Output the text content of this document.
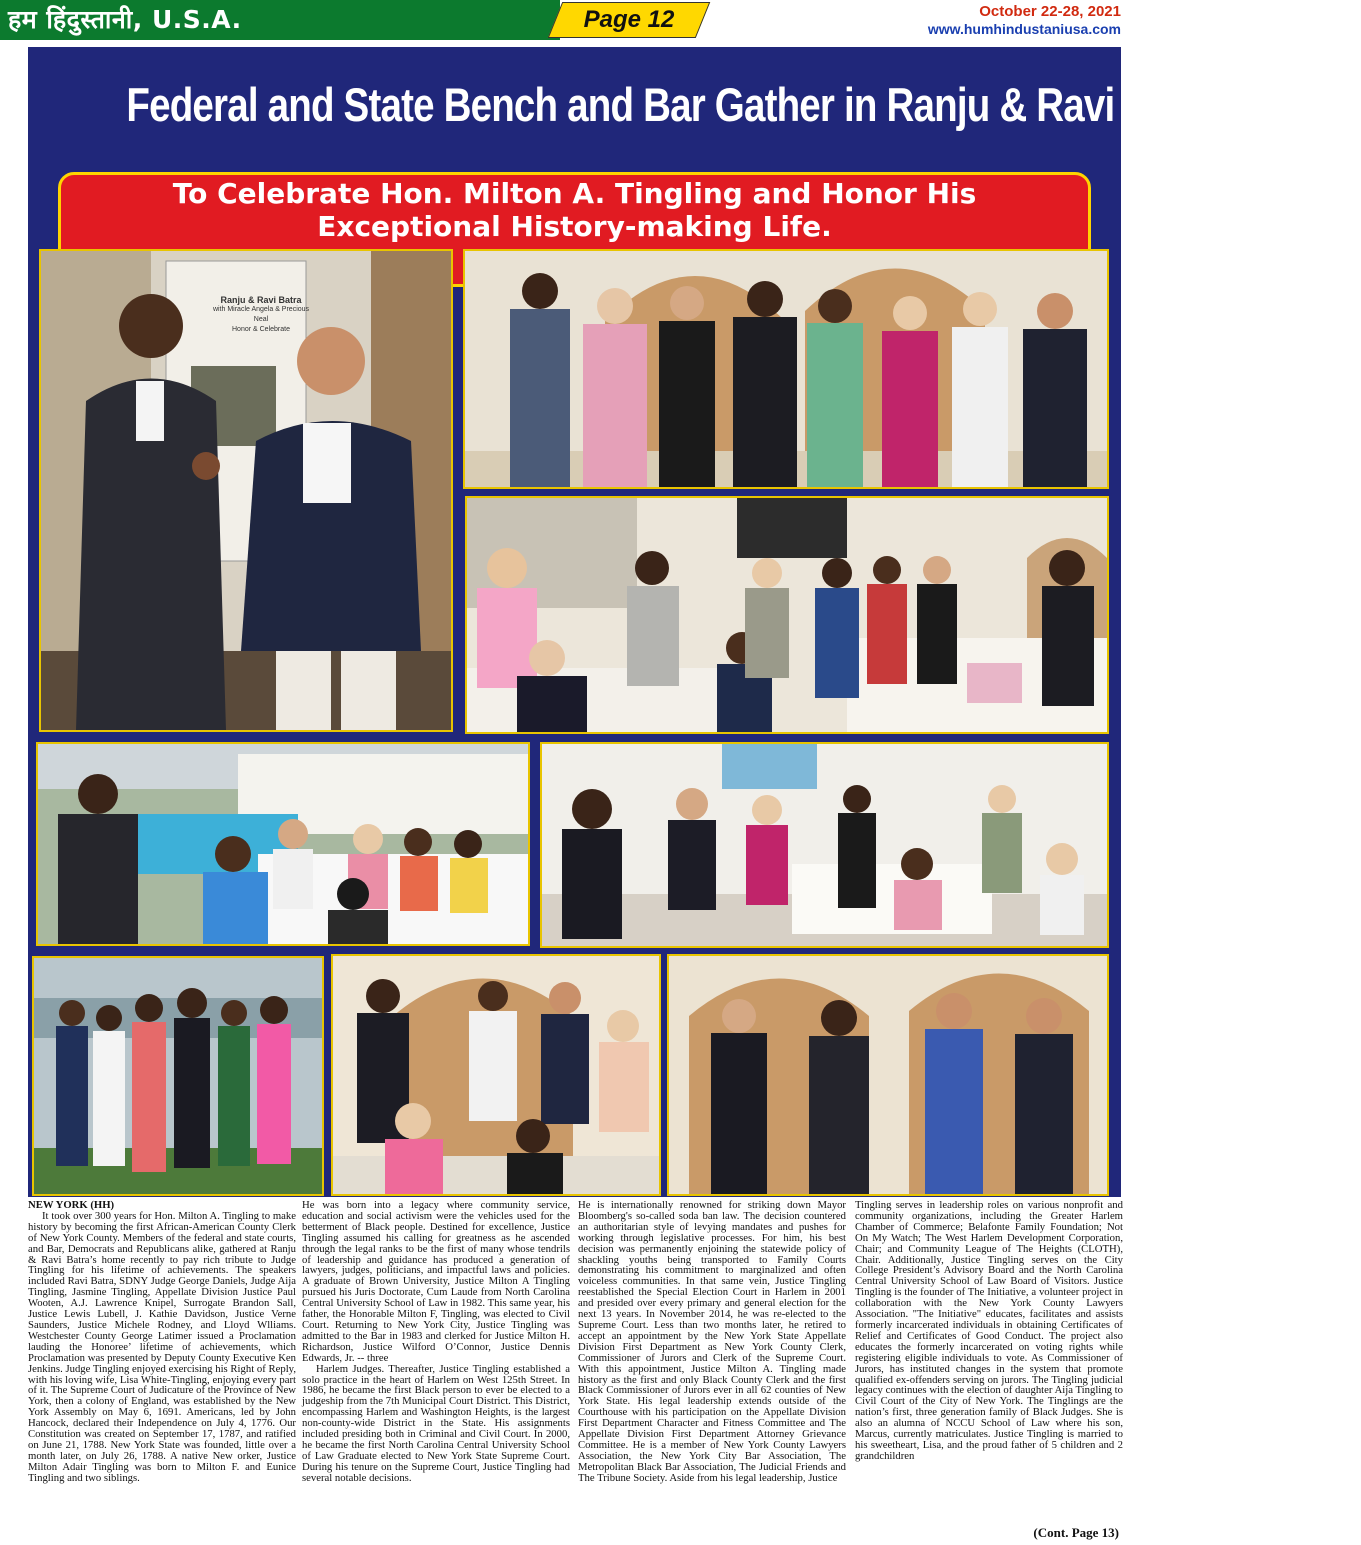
हम हिंदुस्तानी, U.S.A.	Page 12	October 22-28, 2021
www.humhindustaniusa.com
Federal and State Bench and Bar Gather in Ranju & Ravi Batra’s Home
To Celebrate Hon. Milton A. Tingling and Honor His
Exceptional History-making Life.
Ranju & Ravi Batra
with Miracle Angela & Precious Neal
Honor & Celebrate

NEW YORK (HH)

It took over 300 years for Hon. Milton A. Tingling to make history by becoming the first African-American County Clerk of New York County. Members of the federal and state courts, and Bar, Democrats and Republicans alike, gathered at Ranju & Ravi Batra’s home recently to pay rich tribute to Judge Tingling for his lifetime of achievements. The speakers included Ravi Batra, SDNY Judge George Daniels, Judge Aija Tingling, Jasmine Tingling, Appellate Division Justice Paul Wooten, A.J. Lawrence Knipel, Surrogate Brandon Sall, Justice Lewis Lubell, J. Kathie Davidson, Justice Verne Saunders, Justice Michele Rodney, and Lloyd Wlliams. Westchester County George Latimer issued a Proclamation lauding the Honoree’ lifetime of achievements, which Proclamation was presented by Deputy County Executive Ken Jenkins. Judge Tingling enjoyed exercising his Right of Reply, with his loving wife, Lisa White-Tingling, enjoying every part of it. The Supreme Court of Judicature of the Province of New York, then a colony of England, was established by the New York Assembly on May 6, 1691. Americans, led by John Hancock, declared their Independence on July 4, 1776. Our Constitution was created on September 17, 1787, and ratified on June 21, 1788. New York State was founded, little over a month later, on July 26, 1788. A native New orker, Justice Milton Adair Tingling was born to Milton F. and Eunice Tingling and two siblings.

He was born into a legacy where community service, education and social activism were the vehicles used for the betterment of Black people. Destined for excellence, Justice Tingling assumed his calling for greatness as he ascended through the legal ranks to be the first of many whose tendrils of leadership and guidance has produced a generation of lawyers, judges, politicians, and impactful laws and policies. A graduate of Brown University, Justice Milton A Tingling pursued his Juris Doctorate, Cum Laude from North Carolina Central University School of Law in 1982. This same year, his father, the Honorable Milton F, Tingling, was elected to Civil Court. Returning to New York City, Justice Tingling was admitted to the Bar in 1983 and clerked for Justice Milton H. Richardson, Justice Wilford O’Connor, Justice Dennis Edwards, Jr. -- three

Harlem Judges. Thereafter, Justice Tingling established a solo practice in the heart of Harlem on West 125th Street. In 1986, he became the first Black person to ever be elected to a judgeship from the 7th Municipal Court District. This District, encompassing Harlem and Washington Heights, is the largest non-county-wide District in the State. His assignments included presiding both in Criminal and Civil Court. In 2000, he became the first North Carolina Central University School of Law Graduate elected to New York State Supreme Court. During his tenure on the Supreme Court, Justice Tingling had several notable decisions.

He is internationally renowned for striking down Mayor Bloomberg's so-called soda ban law. The decision countered an authoritarian style of levying mandates and pushes for working through legislative processes. For him, his best decision was permanently enjoining the statewide policy of shackling youths being transported to Family Courts demonstrating his commitment to marginalized and often voiceless communities. In that same vein, Justice Tingling reestablished the Special Election Court in Harlem in 2001 and presided over every primary and general election for the next 13 years. In November 2014, he was re-elected to the Supreme Court. Less than two months later, he retired to accept an appointment by the New York State Appellate Division First Department as New York County Clerk, Commissioner of Jurors and Clerk of the Supreme Court. With this appointment, Justice Milton A. Tingling made history as the first and only Black County Clerk and the first Black Commissioner of Jurors ever in all 62 counties of New York State. His legal leadership extends outside of the Courthouse with his participation on the Appellate Division First Department Character and Fitness Committee and The Appellate Division First Department Attorney Grievance Committee. He is a member of New York County Lawyers Association, the New York City Bar Association, The Metropolitan Black Bar Association, The Judicial Friends and The Tribune Society. Aside from his legal leadership, Justice

Tingling serves in leadership roles on various nonprofit and community organizations, including the Greater Harlem Chamber of Commerce; Belafonte Family Foundation; Not On My Watch; The West Harlem Development Corporation, Chair; and Community League of The Heights (CLOTH), Chair. Additionally, Justice Tingling serves on the City College President’s Advisory Board and the North Carolina Central University School of Law Board of Visitors. Justice Tingling is the founder of The Initiative, a volunteer project in collaboration with the New York County Lawyers Association. "The Initiative" educates, facilitates and assists formerly incarcerated individuals in obtaining Certificates of Relief and Certificates of Good Conduct. The project also educates the formerly incarcerated on voting rights while registering eligible individuals to vote. As Commissioner of Jurors, has instituted changes in the system that promote qualified ex-offenders serving on jurors. The Tingling judicial legacy continues with the election of daughter Aija Tingling to Civil Court of the City of New York. The Tinglings are the nation’s first, three generation family of Black Judges. She is also an alumna of NCCU School of Law where his son, Marcus, currently matriculates. Justice Tingling is married to his sweetheart, Lisa, and the proud father of 5 children and 2 grandchildren

(Cont. Page 13)
